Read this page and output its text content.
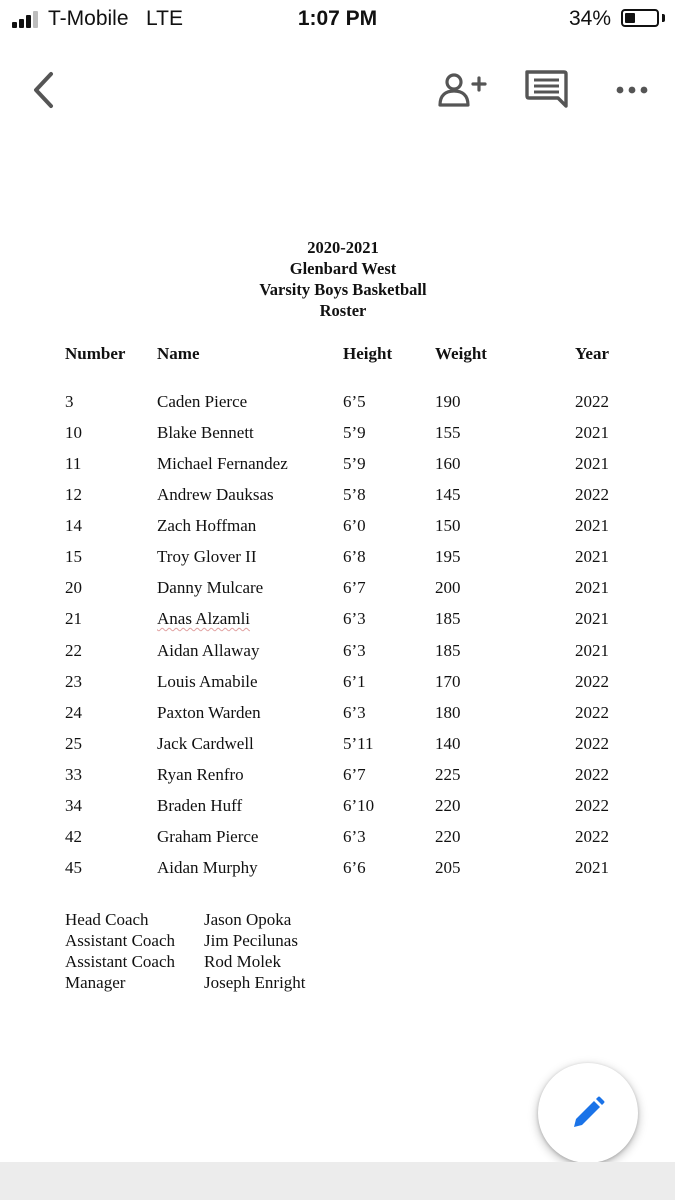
T-Mobile LTE	1:07 PM	34%
2020-2021
Glenbard West
Varsity Boys Basketball
Roster
Number Name	Height	Weight	Year
3	Caden Pierce	6’5	190	2022
10	Blake Bennett	5’9	155	2021
11	Michael Fernandez	5’9	160	2021
12	Andrew Dauksas	5’8	145	2022
14	Zach Hoffman	6’0	150	2021
15	Troy Glover II	6’8	195	2021
20	Danny Mulcare	6’7	200	2021
21	Anas Alzamli	6’3	185	2021
22	Aidan Allaway	6’3	185	2021
23	Louis Amabile	6’1	170	2022
24	Paxton Warden	6’3	180	2022
25	Jack Cardwell	5’11	140	2022
33	Ryan Renfro	6’7	225	2022
34	Braden Huff	6’10	220	2022
42	Graham Pierce	6’3	220	2022
45	Aidan Murphy	6’6	205	2021
Head Coach	Jason Opoka
Assistant Coach Jim Pecilunas
Assistant Coach Rod Molek
Manager	Joseph Enright
